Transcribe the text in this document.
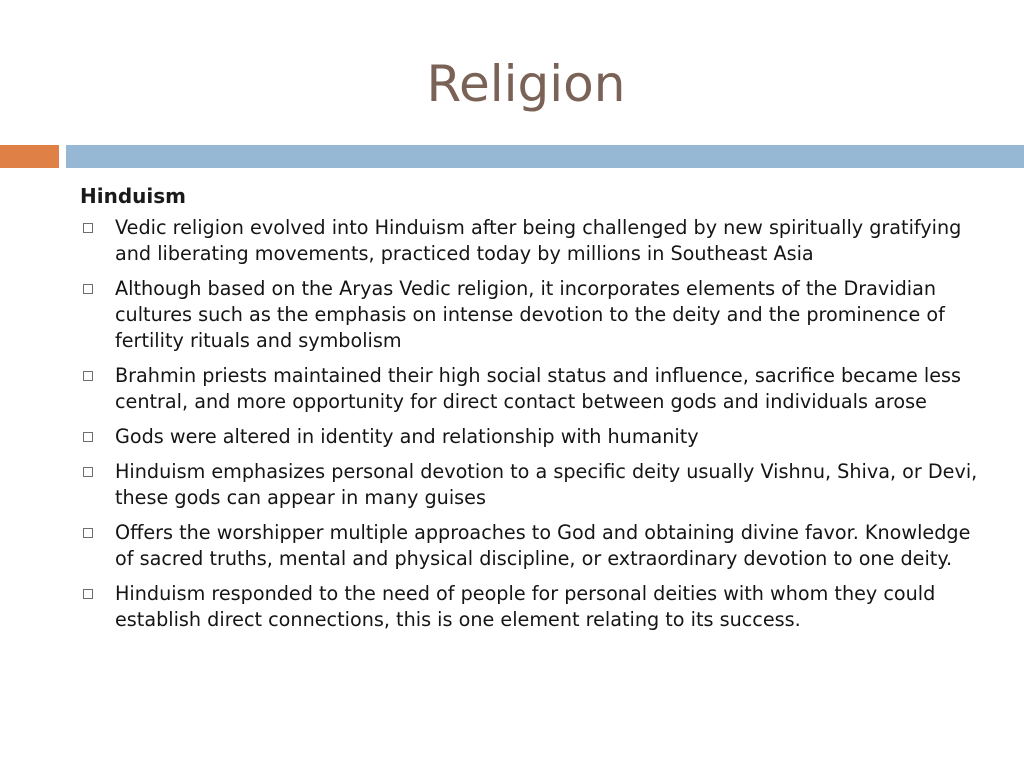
Religion
Hinduism
Vedic religion evolved into Hinduism after being challenged by new spiritually gratifying and liberating movements, practiced today by millions in Southeast Asia
Although based on the Aryas Vedic religion, it incorporates elements of the Dravidian cultures such as the emphasis on intense devotion to the deity and the prominence of fertility rituals and symbolism
Brahmin priests maintained their high social status and influence, sacrifice became less central, and more opportunity for direct contact between gods and individuals arose
Gods were altered in identity and relationship with humanity
Hinduism emphasizes personal devotion to a specific deity usually Vishnu, Shiva, or Devi, these gods can appear in many guises
Offers the worshipper multiple approaches to God and obtaining divine favor. Knowledge of sacred truths, mental and physical discipline, or extraordinary devotion to one deity.
Hinduism responded to the need of people for personal deities with whom they could establish direct connections, this is one element relating to its success.
